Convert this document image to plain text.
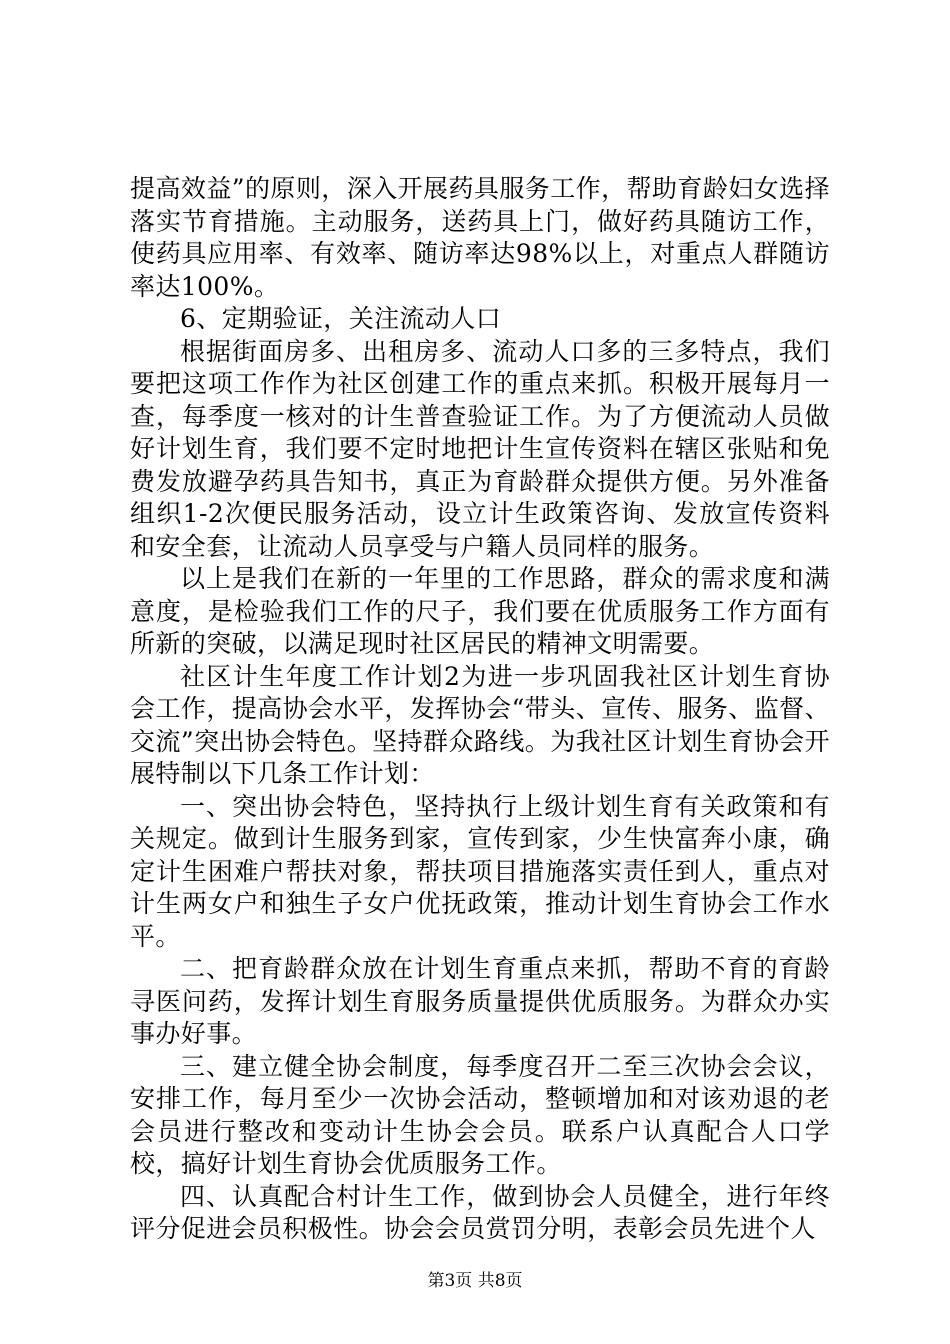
提高效益”的原则，深入开展药具服务工作，帮助育龄妇女选择落实节育措施。主动服务，送药具上门，做好药具随访工作，使药具应用率、有效率、随访率达98%以上，对重点人群随访率达100%。

6、定期验证，关注流动人口

根据街面房多、出租房多、流动人口多的三多特点，我们要把这项工作作为社区创建工作的重点来抓。积极开展每月一查，每季度一核对的计生普查验证工作。为了方便流动人员做好计划生育，我们要不定时地把计生宣传资料在辖区张贴和免费发放避孕药具告知书，真正为育龄群众提供方便。另外准备组织1-2次便民服务活动，设立计生政策咨询、发放宣传资料和安全套，让流动人员享受与户籍人员同样的服务。

以上是我们在新的一年里的工作思路，群众的需求度和满意度，是检验我们工作的尺子，我们要在优质服务工作方面有所新的突破，以满足现时社区居民的精神文明需要。

社区计生年度工作计划2为进一步巩固我社区计划生育协会工作，提高协会水平，发挥协会“带头、宣传、服务、监督、交流”突出协会特色。坚持群众路线。为我社区计划生育协会开展特制以下几条工作计划：

一、突出协会特色，坚持执行上级计划生育有关政策和有关规定。做到计生服务到家，宣传到家，少生快富奔小康，确定计生困难户帮扶对象，帮扶项目措施落实责任到人，重点对计生两女户和独生子女户优抚政策，推动计划生育协会工作水平。

二、把育龄群众放在计划生育重点来抓，帮助不育的育龄寻医问药，发挥计划生育服务质量提供优质服务。为群众办实事办好事。

三、建立健全协会制度，每季度召开二至三次协会会议，安排工作，每月至少一次协会活动，整顿增加和对该劝退的老会员进行整改和变动计生协会会员。联系户认真配合人口学校，搞好计划生育协会优质服务工作。

四、认真配合村计生工作，做到协会人员健全，进行年终评分促进会员积极性。协会会员赏罚分明，表彰会员先进个人

第3页 共8页
